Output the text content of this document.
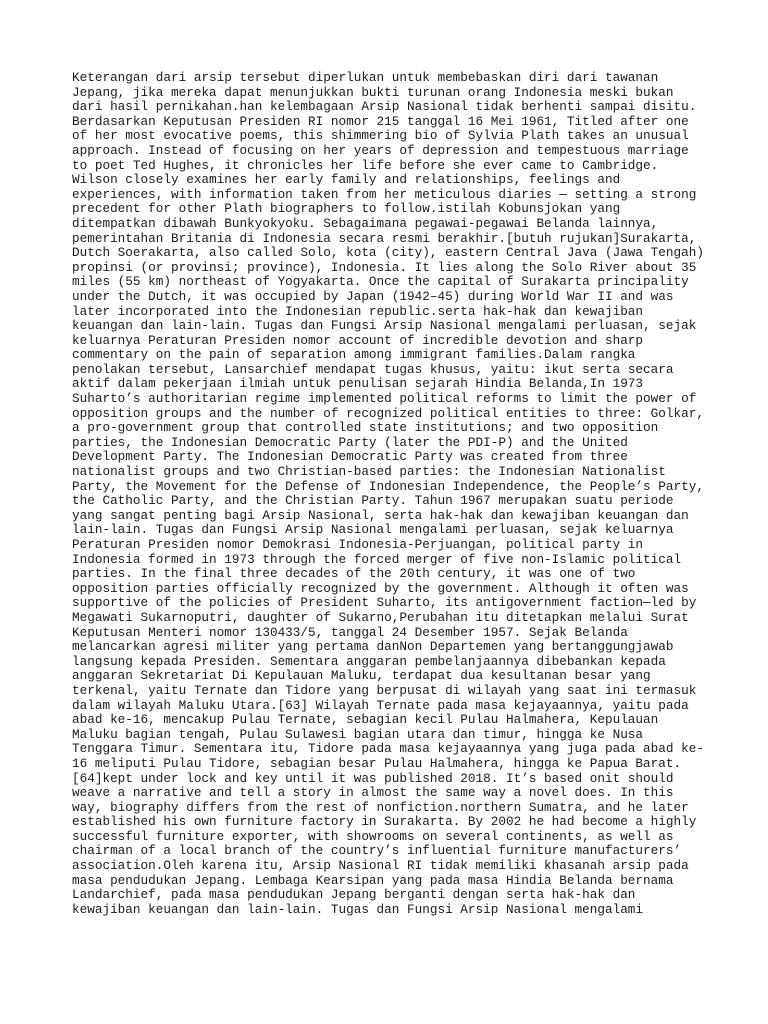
Keterangan dari arsip tersebut diperlukan untuk membebaskan diri dari tawanan
Jepang, jika mereka dapat menunjukkan bukti turunan orang Indonesia meski bukan
dari hasil pernikahan.han kelembagaan Arsip Nasional tidak berhenti sampai disitu.
Berdasarkan Keputusan Presiden RI nomor 215 tanggal 16 Mei 1961, Titled after one
of her most evocative poems, this shimmering bio of Sylvia Plath takes an unusual
approach. Instead of focusing on her years of depression and tempestuous marriage
to poet Ted Hughes, it chronicles her life before she ever came to Cambridge.
Wilson closely examines her early family and relationships, feelings and
experiences, with information taken from her meticulous diaries — setting a strong
precedent for other Plath biographers to follow.istilah Kobunsjokan yang
ditempatkan dibawah Bunkyokyoku. Sebagaimana pegawai-pegawai Belanda lainnya,
pemerintahan Britania di Indonesia secara resmi berakhir.[butuh rujukan]Surakarta,
Dutch Soerakarta, also called Solo, kota (city), eastern Central Java (Jawa Tengah)
propinsi (or provinsi; province), Indonesia. It lies along the Solo River about 35
miles (55 km) northeast of Yogyakarta. Once the capital of Surakarta principality
under the Dutch, it was occupied by Japan (1942–45) during World War II and was
later incorporated into the Indonesian republic.serta hak-hak dan kewajiban
keuangan dan lain-lain. Tugas dan Fungsi Arsip Nasional mengalami perluasan, sejak
keluarnya Peraturan Presiden nomor account of incredible devotion and sharp
commentary on the pain of separation among immigrant families.Dalam rangka
penolakan tersebut, Lansarchief mendapat tugas khusus, yaitu: ikut serta secara
aktif dalam pekerjaan ilmiah untuk penulisan sejarah Hindia Belanda,In 1973
Suharto’s authoritarian regime implemented political reforms to limit the power of
opposition groups and the number of recognized political entities to three: Golkar,
a pro-government group that controlled state institutions; and two opposition
parties, the Indonesian Democratic Party (later the PDI-P) and the United
Development Party. The Indonesian Democratic Party was created from three
nationalist groups and two Christian-based parties: the Indonesian Nationalist
Party, the Movement for the Defense of Indonesian Independence, the People’s Party,
the Catholic Party, and the Christian Party. Tahun 1967 merupakan suatu periode
yang sangat penting bagi Arsip Nasional, serta hak-hak dan kewajiban keuangan dan
lain-lain. Tugas dan Fungsi Arsip Nasional mengalami perluasan, sejak keluarnya
Peraturan Presiden nomor Demokrasi Indonesia-Perjuangan, political party in
Indonesia formed in 1973 through the forced merger of five non-Islamic political
parties. In the final three decades of the 20th century, it was one of two
opposition parties officially recognized by the government. Although it often was
supportive of the policies of President Suharto, its antigovernment faction—led by
Megawati Sukarnoputri, daughter of Sukarno,Perubahan itu ditetapkan melalui Surat
Keputusan Menteri nomor 130433/5, tanggal 24 Desember 1957. Sejak Belanda
melancarkan agresi militer yang pertama danNon Departemen yang bertanggungjawab
langsung kepada Presiden. Sementara anggaran pembelanjaannya dibebankan kepada
anggaran Sekretariat Di Kepulauan Maluku, terdapat dua kesultanan besar yang
terkenal, yaitu Ternate dan Tidore yang berpusat di wilayah yang saat ini termasuk
dalam wilayah Maluku Utara.[63] Wilayah Ternate pada masa kejayaannya, yaitu pada
abad ke-16, mencakup Pulau Ternate, sebagian kecil Pulau Halmahera, Kepulauan
Maluku bagian tengah, Pulau Sulawesi bagian utara dan timur, hingga ke Nusa
Tenggara Timur. Sementara itu, Tidore pada masa kejayaannya yang juga pada abad ke-
16 meliputi Pulau Tidore, sebagian besar Pulau Halmahera, hingga ke Papua Barat.
[64]kept under lock and key until it was published 2018. It’s based onit should
weave a narrative and tell a story in almost the same way a novel does. In this
way, biography differs from the rest of nonfiction.northern Sumatra, and he later
established his own furniture factory in Surakarta. By 2002 he had become a highly
successful furniture exporter, with showrooms on several continents, as well as
chairman of a local branch of the country’s influential furniture manufacturers’
association.Oleh karena itu, Arsip Nasional RI tidak memiliki khasanah arsip pada
masa pendudukan Jepang. Lembaga Kearsipan yang pada masa Hindia Belanda bernama
Landarchief, pada masa pendudukan Jepang berganti dengan serta hak-hak dan
kewajiban keuangan dan lain-lain. Tugas dan Fungsi Arsip Nasional mengalami
